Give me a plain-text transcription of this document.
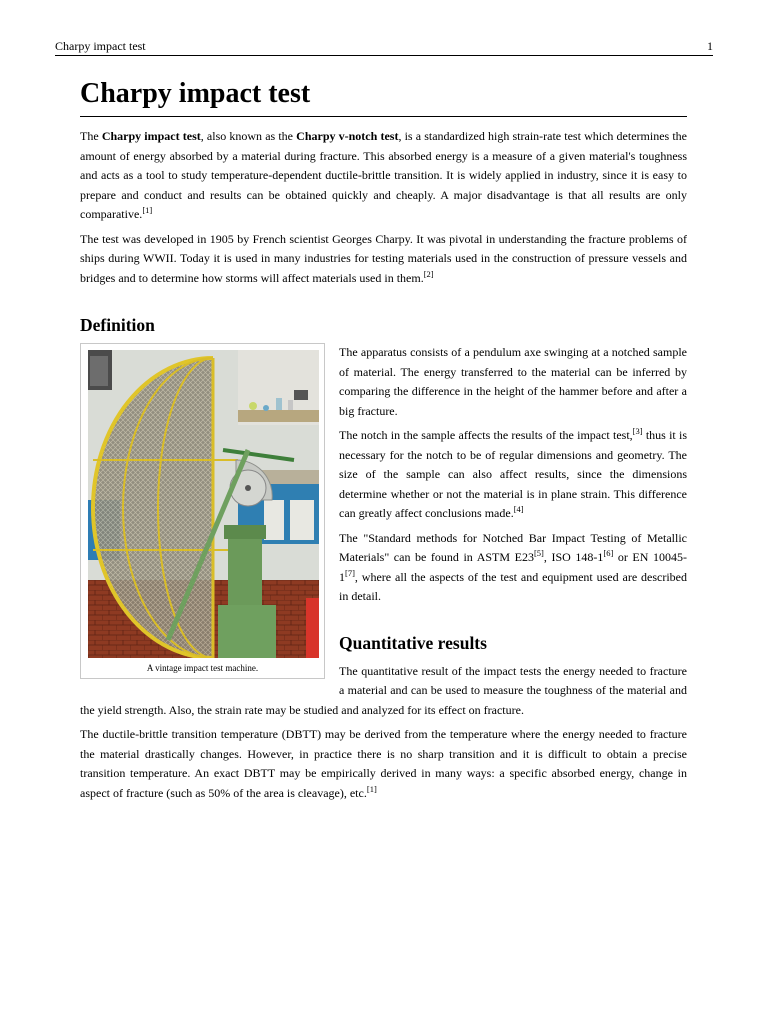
Charpy impact test	1
Charpy impact test

The Charpy impact test, also known as the Charpy v-notch test, is a standardized high strain-rate test which determines the amount of energy absorbed by a material during fracture. This absorbed energy is a measure of a given material's toughness and acts as a tool to study temperature-dependent ductile-brittle transition. It is widely applied in industry, since it is easy to prepare and conduct and results can be obtained quickly and cheaply. A major disadvantage is that all results are only comparative.[1]

The test was developed in 1905 by French scientist Georges Charpy. It was pivotal in understanding the fracture problems of ships during WWII. Today it is used in many industries for testing materials used in the construction of pressure vessels and bridges and to determine how storms will affect materials used in them.[2]

Definition
A vintage impact test machine.

The apparatus consists of a pendulum axe swinging at a notched sample of material. The energy transferred to the material can be inferred by comparing the difference in the height of the hammer before and after a big fracture.

The notch in the sample affects the results of the impact test,[3] thus it is necessary for the notch to be of regular dimensions and geometry. The size of the sample can also affect results, since the dimensions determine whether or not the material is in plane strain. This difference can greatly affect conclusions made.[4]

The "Standard methods for Notched Bar Impact Testing of Metallic Materials" can be found in ASTM E23[5], ISO 148-1[6] or EN 10045-1[7], where all the aspects of the test and equipment used are described in detail.

Quantitative results

The quantitative result of the impact tests the energy needed to fracture a material and can be used to measure the toughness of the material and the yield strength. Also, the strain rate may be studied and analyzed for its effect on fracture.

The ductile-brittle transition temperature (DBTT) may be derived from the temperature where the energy needed to fracture the material drastically changes. However, in practice there is no sharp transition and it is difficult to obtain a precise transition temperature. An exact DBTT may be empirically derived in many ways: a specific absorbed energy, change in aspect of fracture (such as 50% of the area is cleavage), etc.[1]
